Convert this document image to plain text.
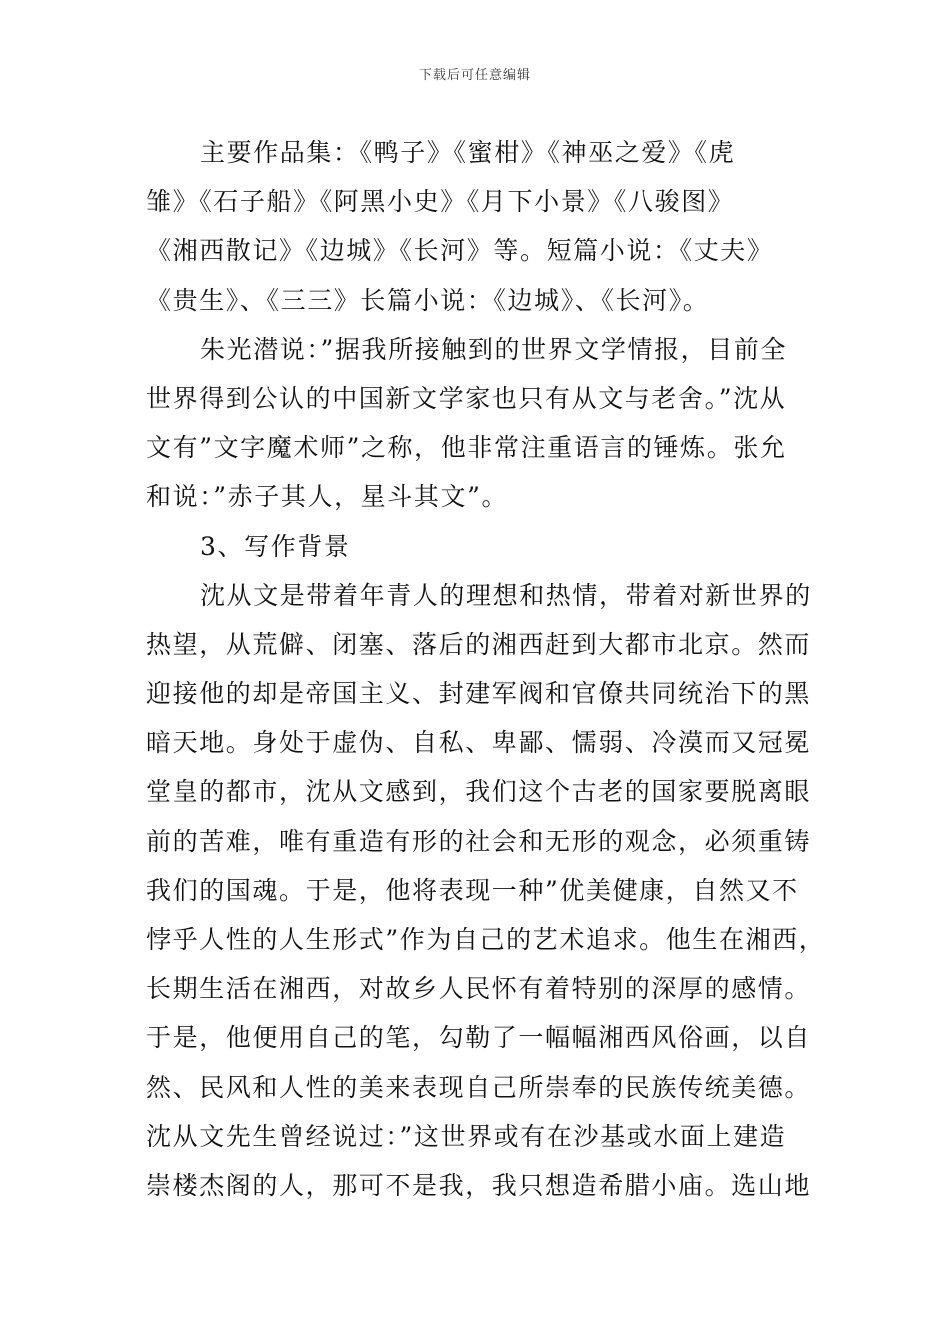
下载后可任意编辑
主要作品集：《鸭子》《蜜柑》《神巫之爱》《虎
雏》《石子船》《阿黑小史》《月下小景》《八骏图》
《湘西散记》《边城》《长河》等。短篇小说：《丈夫》
《贵生》、《三三》长篇小说：《边城》、《长河》。
朱光潜说：”据我所接触到的世界文学情报，目前全
世界得到公认的中国新文学家也只有从文与老舍。”沈从
文有”文字魔术师”之称，他非常注重语言的锤炼。张允
和说：”赤子其人，星斗其文”。
3、写作背景
沈从文是带着年青人的理想和热情，带着对新世界的
热望，从荒僻、闭塞、落后的湘西赶到大都市北京。然而
迎接他的却是帝国主义、封建军阀和官僚共同统治下的黑
暗天地。身处于虚伪、自私、卑鄙、懦弱、冷漠而又冠冕
堂皇的都市，沈从文感到，我们这个古老的国家要脱离眼
前的苦难，唯有重造有形的社会和无形的观念，必须重铸
我们的国魂。于是，他将表现一种”优美健康，自然又不
悖乎人性的人生形式”作为自己的艺术追求。他生在湘西，
长期生活在湘西，对故乡人民怀有着特别的深厚的感情。
于是，他便用自己的笔，勾勒了一幅幅湘西风俗画，以自
然、民风和人性的美来表现自己所崇奉的民族传统美德。
沈从文先生曾经说过：”这世界或有在沙基或水面上建造
崇楼杰阁的人，那可不是我，我只想造希腊小庙。选山地
